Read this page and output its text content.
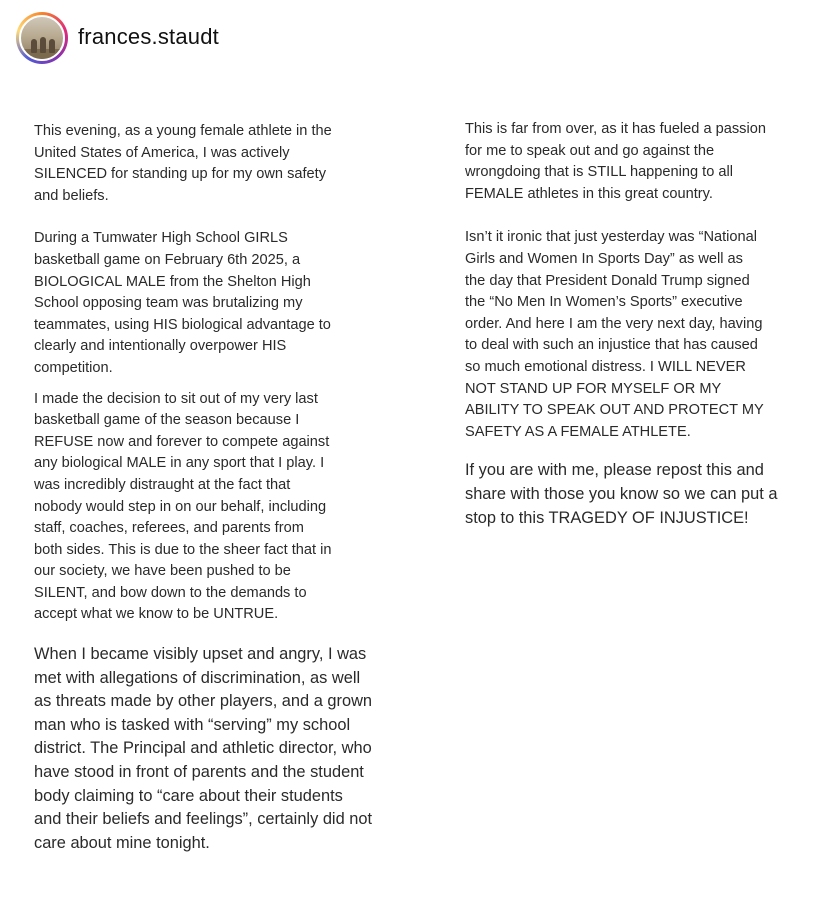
frances.staudt

This evening, as a young female athlete in the
United States of America, I was actively
SILENCED for standing up for my own safety
and beliefs.

During a Tumwater High School GIRLS
basketball game on February 6th 2025, a
BIOLOGICAL MALE from the Shelton High
School opposing team was brutalizing my
teammates, using HIS biological advantage to
clearly and intentionally overpower HIS
competition.

I made the decision to sit out of my very last
basketball game of the season because I
REFUSE now and forever to compete against
any biological MALE in any sport that I play. I
was incredibly distraught at the fact that
nobody would step in on our behalf, including
staff, coaches, referees, and parents from
both sides. This is due to the sheer fact that in
our society, we have been pushed to be
SILENT, and bow down to the demands to
accept what we know to be UNTRUE.

When I became visibly upset and angry, I was
met with allegations of discrimination, as well
as threats made by other players, and a grown
man who is tasked with “serving” my school
district. The Principal and athletic director, who
have stood in front of parents and the student
body claiming to “care about their students
and their beliefs and feelings”, certainly did not
care about mine tonight.

This is far from over, as it has fueled a passion
for me to speak out and go against the
wrongdoing that is STILL happening to all
FEMALE athletes in this great country.

Isn’t it ironic that just yesterday was “National
Girls and Women In Sports Day” as well as
the day that President Donald Trump signed
the “No Men In Women’s Sports” executive
order. And here I am the very next day, having
to deal with such an injustice that has caused
so much emotional distress. I WILL NEVER
NOT STAND UP FOR MYSELF OR MY
ABILITY TO SPEAK OUT AND PROTECT MY
SAFETY AS A FEMALE ATHLETE.

If you are with me, please repost this and
share with those you know so we can put a
stop to this TRAGEDY OF INJUSTICE!
